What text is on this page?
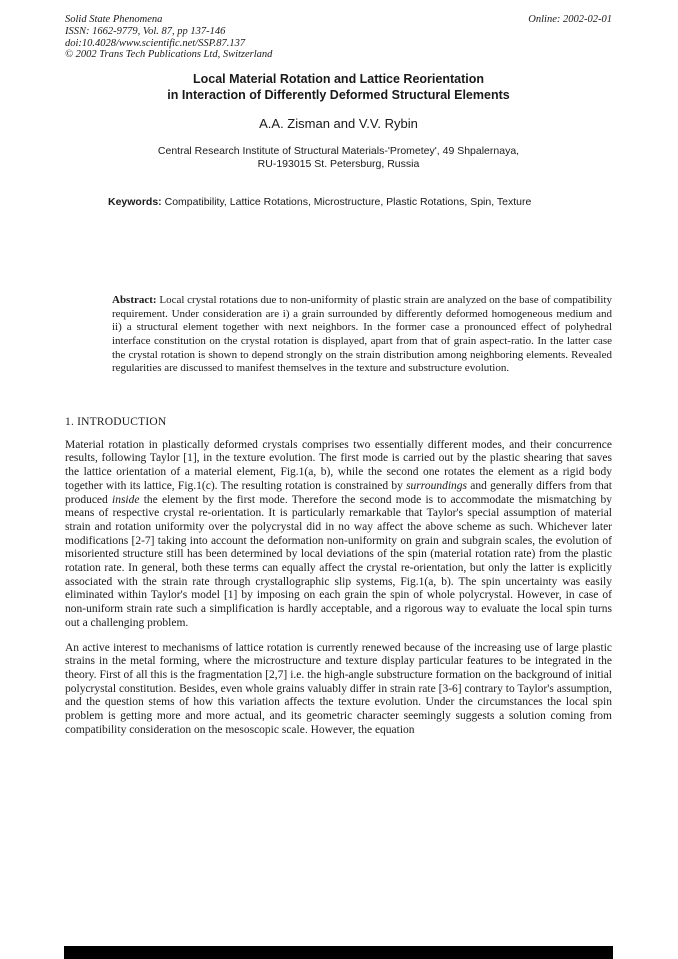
Solid State Phenomena
ISSN: 1662-9779, Vol. 87, pp 137-146
doi:10.4028/www.scientific.net/SSP.87.137
© 2002 Trans Tech Publications Ltd, Switzerland
Online: 2002-02-01
Local Material Rotation and Lattice Reorientation
in Interaction of Differently Deformed Structural Elements
A.A. Zisman and V.V. Rybin
Central Research Institute of Structural Materials-'Prometey', 49 Shpalernaya,
RU-193015 St. Petersburg, Russia
Keywords: Compatibility, Lattice Rotations, Microstructure, Plastic Rotations, Spin, Texture
Abstract: Local crystal rotations due to non-uniformity of plastic strain are analyzed on the base of compatibility requirement. Under consideration are i) a grain surrounded by differently deformed homogeneous medium and ii) a structural element together with next neighbors. In the former case a pronounced effect of polyhedral interface constitution on the crystal rotation is displayed, apart from that of grain aspect-ratio. In the latter case the crystal rotation is shown to depend strongly on the strain distribution among neighboring elements. Revealed regularities are discussed to manifest themselves in the texture and substructure evolution.
1. INTRODUCTION
Material rotation in plastically deformed crystals comprises two essentially different modes, and their concurrence results, following Taylor [1], in the texture evolution. The first mode is carried out by the plastic shearing that saves the lattice orientation of a material element, Fig.1(a, b), while the second one rotates the element as a rigid body together with its lattice, Fig.1(c). The resulting rotation is constrained by surroundings and generally differs from that produced inside the element by the first mode. Therefore the second mode is to accommodate the mismatching by means of respective crystal re-orientation. It is particularly remarkable that Taylor's special assumption of material strain and rotation uniformity over the polycrystal did in no way affect the above scheme as such. Whichever later modifications [2-7] taking into account the deformation non-uniformity on grain and subgrain scales, the evolution of misoriented structure still has been determined by local deviations of the spin (material rotation rate) from the plastic rotation rate. In general, both these terms can equally affect the crystal re-orientation, but only the latter is explicitly associated with the strain rate through crystallographic slip systems, Fig.1(a, b). The spin uncertainty was easily eliminated within Taylor's model [1] by imposing on each grain the spin of whole polycrystal. However, in case of non-uniform strain rate such a simplification is hardly acceptable, and a rigorous way to evaluate the local spin turns out a challenging problem.
An active interest to mechanisms of lattice rotation is currently renewed because of the increasing use of large plastic strains in the metal forming, where the microstructure and texture display particular features to be integrated in the theory. First of all this is the fragmentation [2,7] i.e. the high-angle substructure formation on the background of initial polycrystal constitution. Besides, even whole grains valuably differ in strain rate [3-6] contrary to Taylor's assumption, and the question stems of how this variation affects the texture evolution. Under the circumstances the local spin problem is getting more and more actual, and its geometric character seemingly suggests a solution coming from compatibility consideration on the mesoscopic scale. However, the equation
